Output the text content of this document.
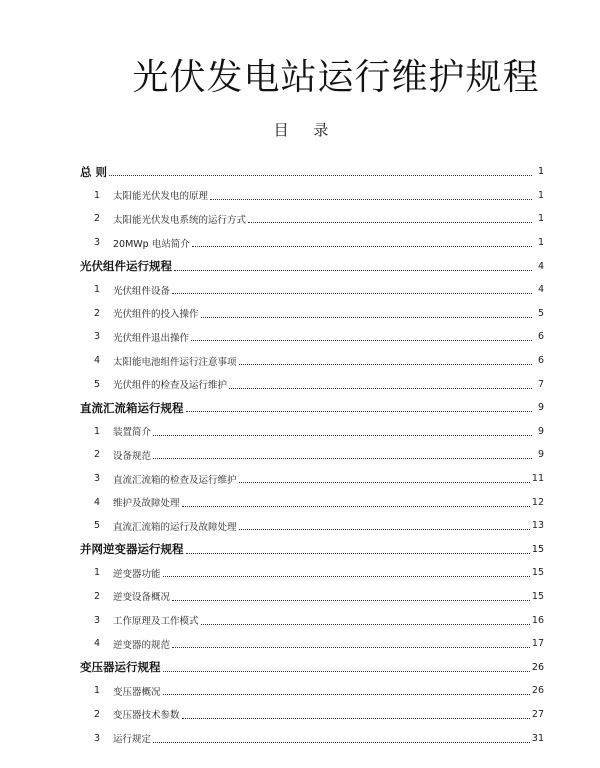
光伏发电站运行维护规程
目 录
总 则	1
1	太阳能光伏发电的原理	1
2	太阳能光伏发电系统的运行方式	1
3	20MWp 电站简介	1
光伏组件运行规程	4
1	光伏组件设备	4
2	光伏组件的投入操作	5
3	光伏组件退出操作	6
4	太阳能电池组件运行注意事项	6
5	光伏组件的检查及运行维护	7
直流汇流箱运行规程	9
1	装置简介	9
2	设备规范	9
3	直流汇流箱的检查及运行维护	11
4	维护及故障处理	12
5	直流汇流箱的运行及故障处理	13
并网逆变器运行规程	15
1	逆变器功能	15
2	逆变设备概况	15
3	工作原理及工作模式	16
4	逆变器的规范	17
变压器运行规程	26
1	变压器概况	26
2	变压器技术参数	27
3	运行规定	31
